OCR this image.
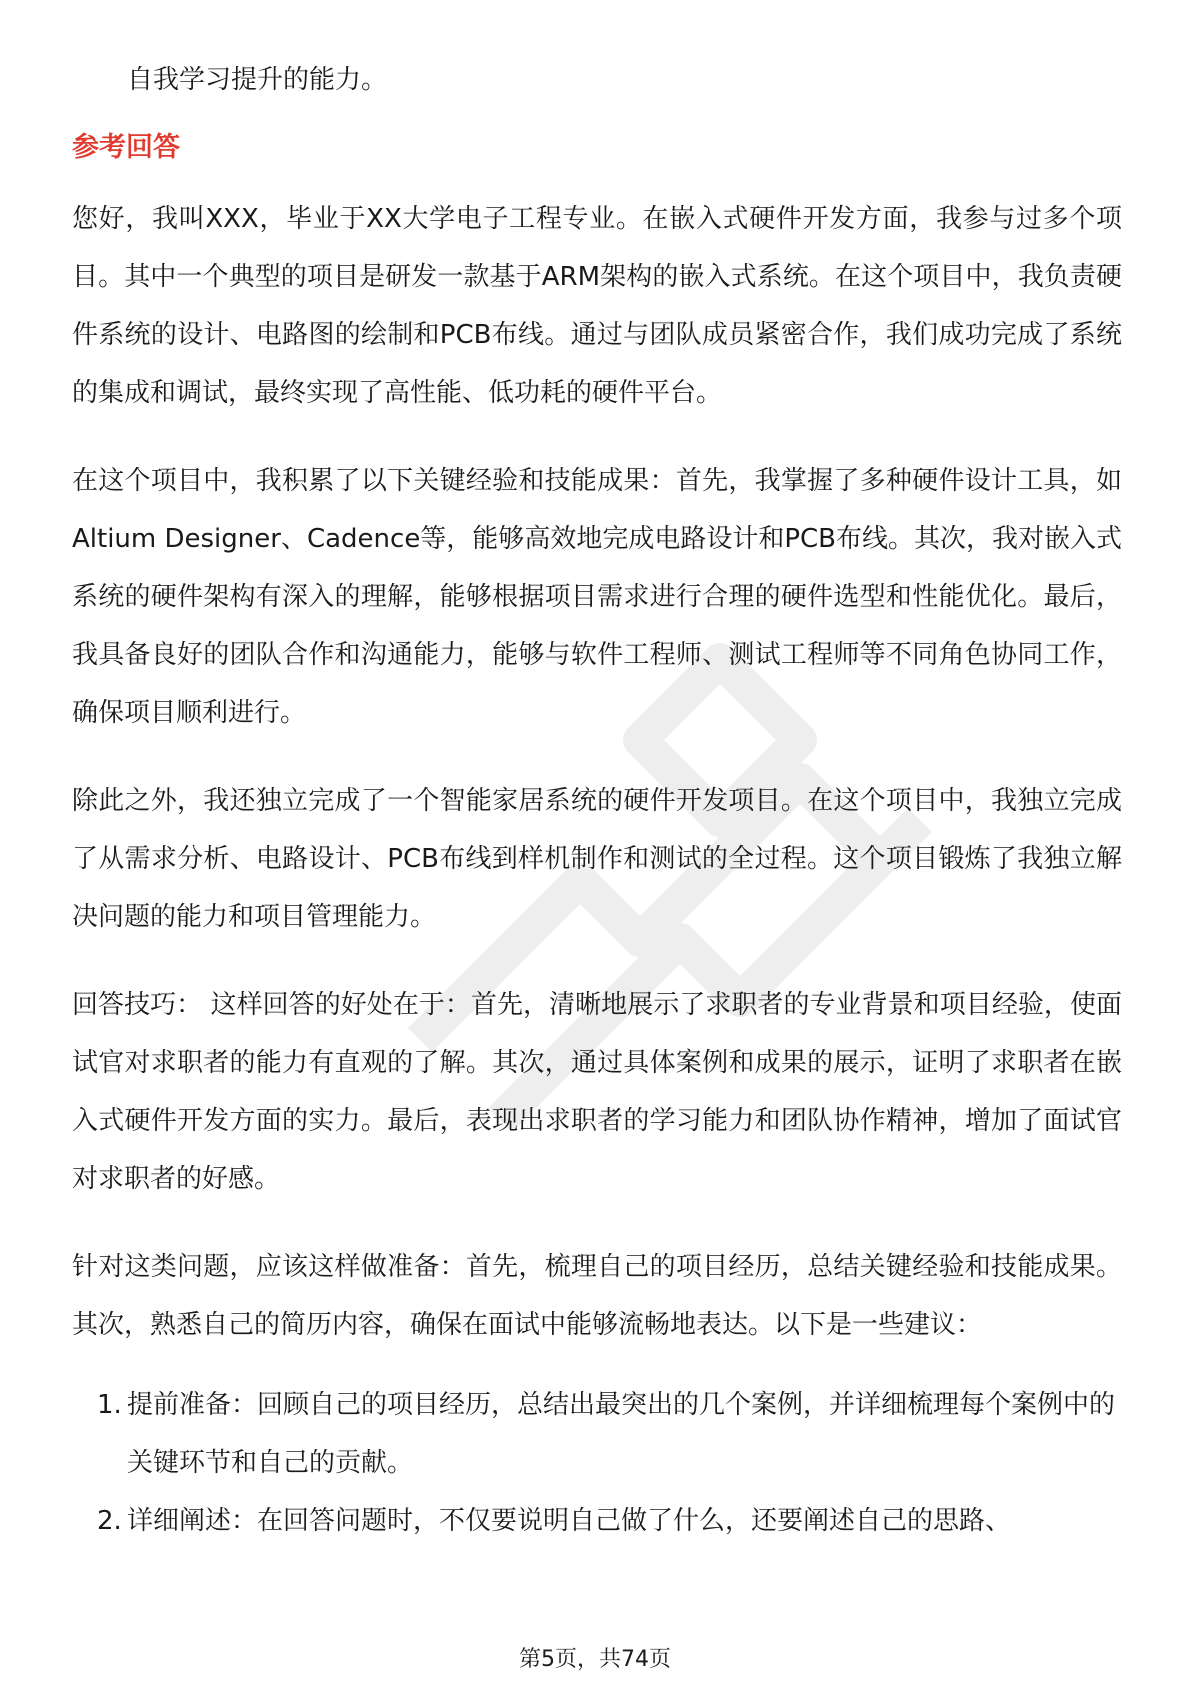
自我学习提升的能力。

参考回答

您好，我叫XXX，毕业于XX大学电子工程专业。在嵌入式硬件开发方面，我参与过多个项目。其中一个典型的项目是研发一款基于ARM架构的嵌入式系统。在这个项目中，我负责硬件系统的设计、电路图的绘制和PCB布线。通过与团队成员紧密合作，我们成功完成了系统的集成和调试，最终实现了高性能、低功耗的硬件平台。

在这个项目中，我积累了以下关键经验和技能成果：首先，我掌握了多种硬件设计工具，如Altium Designer、Cadence等，能够高效地完成电路设计和PCB布线。其次，我对嵌入式系统的硬件架构有深入的理解，能够根据项目需求进行合理的硬件选型和性能优化。最后，我具备良好的团队合作和沟通能力，能够与软件工程师、测试工程师等不同角色协同工作，确保项目顺利进行。

除此之外，我还独立完成了一个智能家居系统的硬件开发项目。在这个项目中，我独立完成了从需求分析、电路设计、PCB布线到样机制作和测试的全过程。这个项目锻炼了我独立解决问题的能力和项目管理能力。

回答技巧： 这样回答的好处在于：首先，清晰地展示了求职者的专业背景和项目经验，使面试官对求职者的能力有直观的了解。其次，通过具体案例和成果的展示，证明了求职者在嵌入式硬件开发方面的实力。最后，表现出求职者的学习能力和团队协作精神，增加了面试官对求职者的好感。

针对这类问题，应该这样做准备：首先，梳理自己的项目经历，总结关键经验和技能成果。其次，熟悉自己的简历内容，确保在面试中能够流畅地表达。以下是一些建议：

1. 提前准备：回顾自己的项目经历，总结出最突出的几个案例，并详细梳理每个案例中的关键环节和自己的贡献。
2. 详细阐述：在回答问题时，不仅要说明自己做了什么，还要阐述自己的思路、
第5页，共74页
